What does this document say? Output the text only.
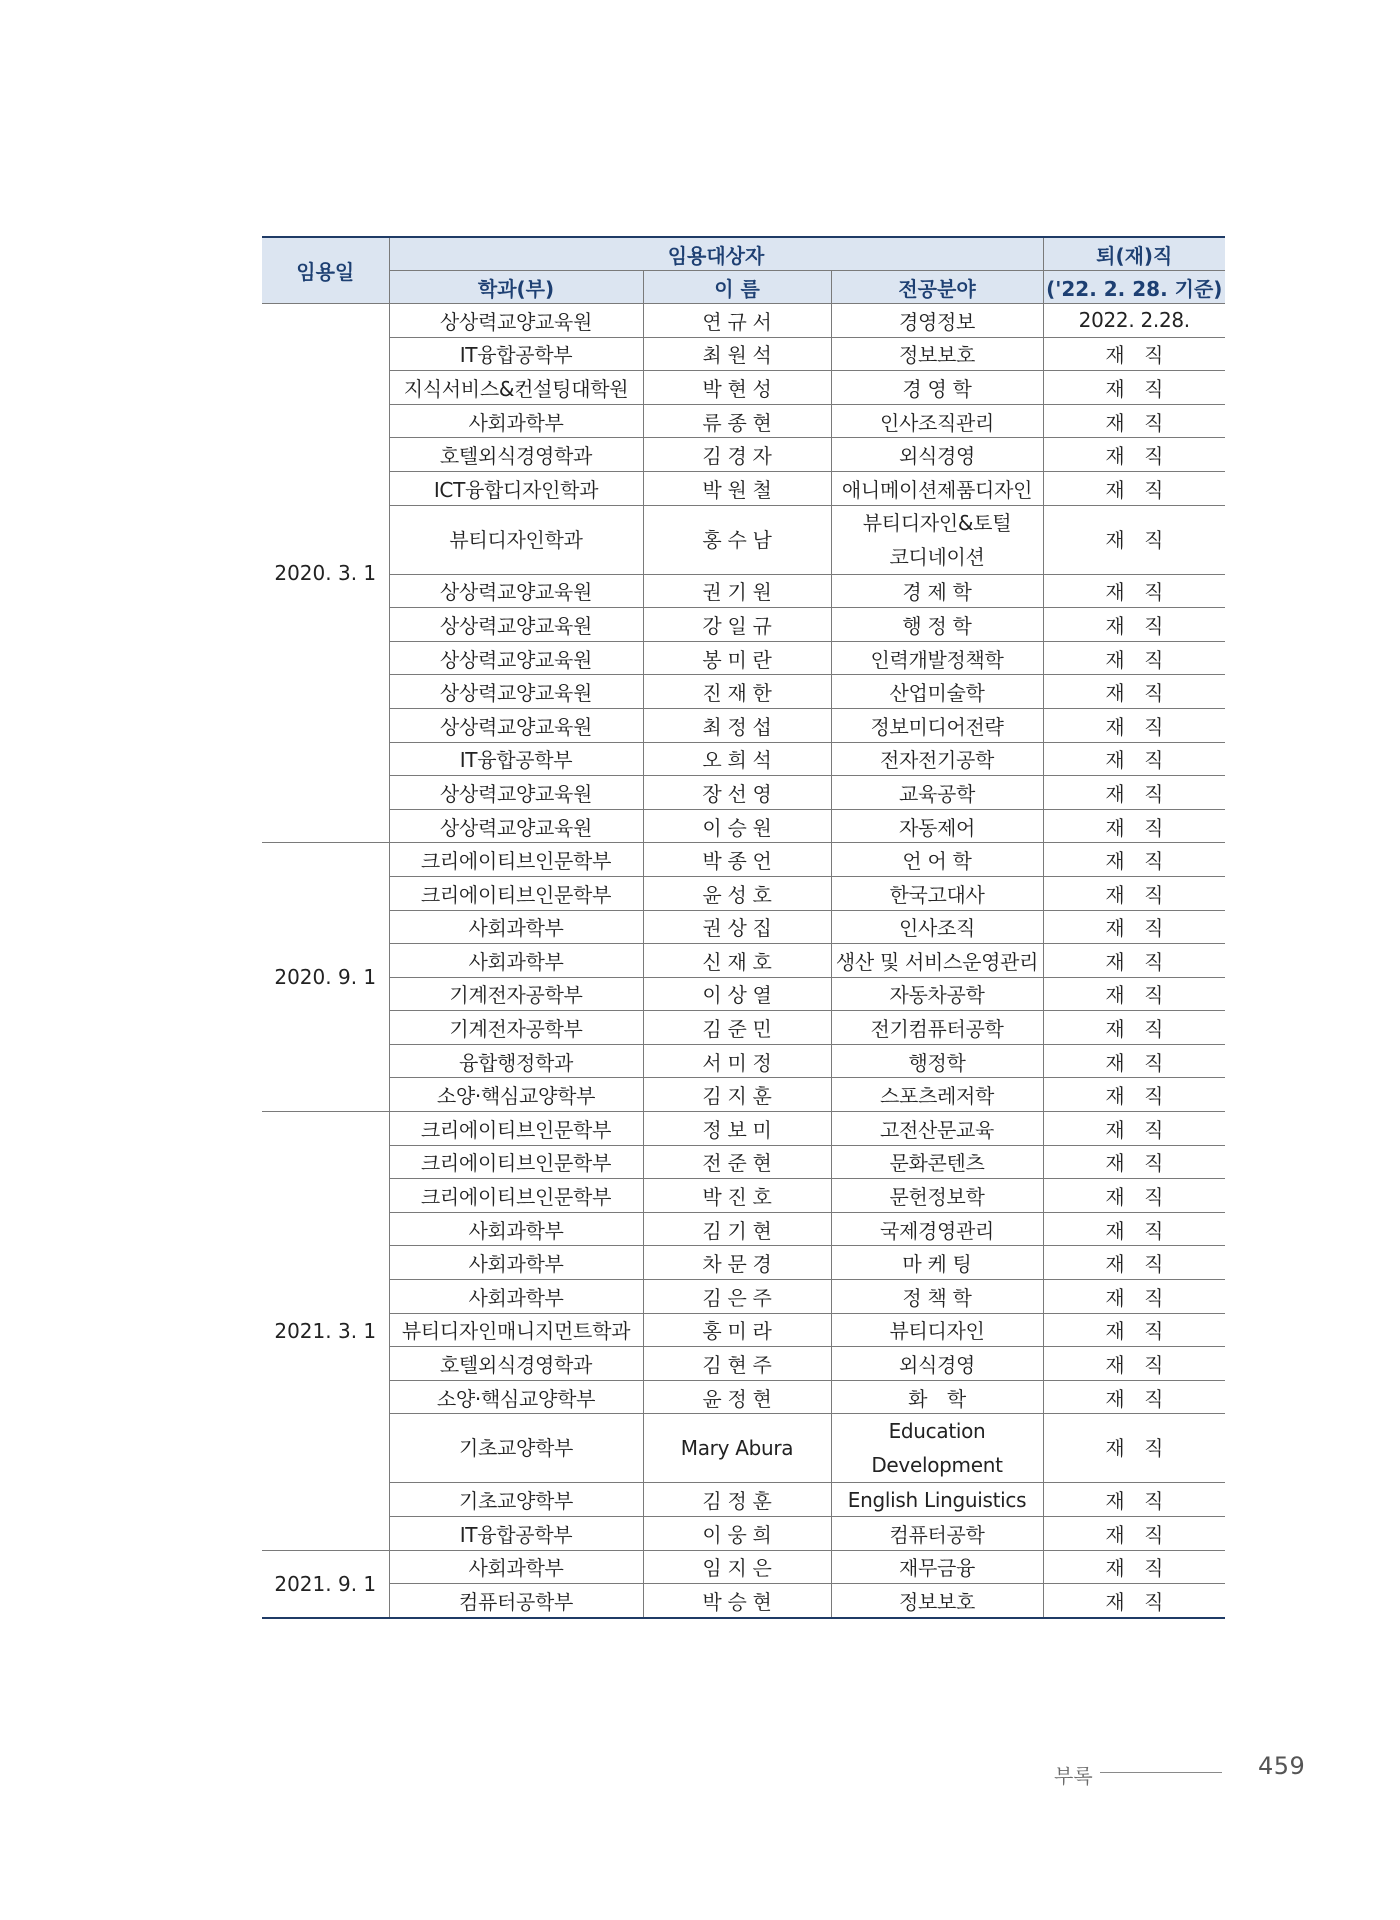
임용일	임용대상자			퇴(재)직
	학과(부)	이 름	전공분야	('22. 2. 28. 기준)
2020. 3. 1	상상력교양교육원	연 규 서	경영정보	2022. 2.28.
	IT융합공학부	최 원 석	정보보호	재　직
	지식서비스&컨설팅대학원	박 현 성	경 영 학	재　직
	사회과학부	류 종 현	인사조직관리	재　직
	호텔외식경영학과	김 경 자	외식경영	재　직
	ICT융합디자인학과	박 원 철	애니메이션제품디자인	재　직
	뷰티디자인학과	홍 수 남	뷰티디자인&토털
코디네이션	재　직
	상상력교양교육원	권 기 원	경 제 학	재　직
	상상력교양교육원	강 일 규	행 정 학	재　직
	상상력교양교육원	봉 미 란	인력개발정책학	재　직
	상상력교양교육원	진 재 한	산업미술학	재　직
	상상력교양교육원	최 정 섭	정보미디어전략	재　직
	IT융합공학부	오 희 석	전자전기공학	재　직
	상상력교양교육원	장 선 영	교육공학	재　직
	상상력교양교육원	이 승 원	자동제어	재　직
2020. 9. 1	크리에이티브인문학부	박 종 언	언 어 학	재　직
	크리에이티브인문학부	윤 성 호	한국고대사	재　직
	사회과학부	권 상 집	인사조직	재　직
	사회과학부	신 재 호	생산 및 서비스운영관리	재　직
	기계전자공학부	이 상 열	자동차공학	재　직
	기계전자공학부	김 준 민	전기컴퓨터공학	재　직
	융합행정학과	서 미 정	행정학	재　직
	소양·핵심교양학부	김 지 훈	스포츠레저학	재　직
2021. 3. 1	크리에이티브인문학부	정 보 미	고전산문교육	재　직
	크리에이티브인문학부	전 준 현	문화콘텐츠	재　직
	크리에이티브인문학부	박 진 호	문헌정보학	재　직
	사회과학부	김 기 현	국제경영관리	재　직
	사회과학부	차 문 경	마 케 팅	재　직
	사회과학부	김 은 주	정 책 학	재　직
	뷰티디자인매니지먼트학과	홍 미 라	뷰티디자인	재　직
	호텔외식경영학과	김 현 주	외식경영	재　직
	소양·핵심교양학부	윤 정 현	화　학	재　직
	기초교양학부	Mary Abura	Education
Development	재　직
	기초교양학부	김 정 훈	English Linguistics	재　직
	IT융합공학부	이 웅 희	컴퓨터공학	재　직
2021. 9. 1	사회과학부	임 지 은	재무금융	재　직
	컴퓨터공학부	박 승 현	정보보호	재　직
부록	459
